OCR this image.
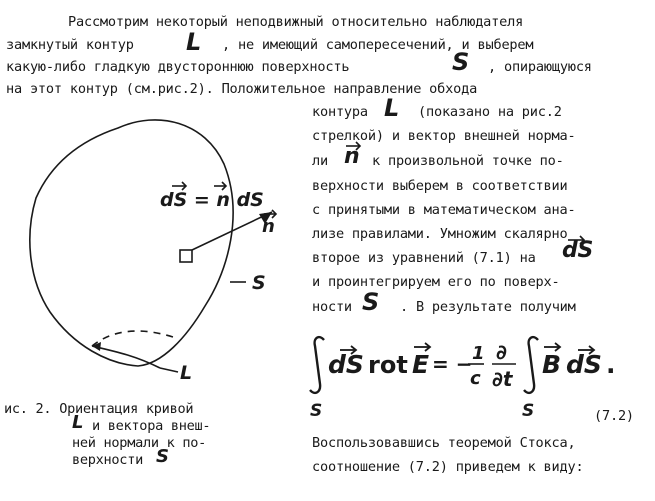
Рассмотрим некоторый неподвижный относительно наблюдателя
замкнутый контур L , не имеющий самопересечений, и выберем
какую-либо гладкую двустороннюю поверхность	S , опирающуюся
на этот контур (см.рис.2). Положительное направление обхода
контура L (показано на рис.2
стрелкой) и вектор внешней норма-
ли n к произвольной точке по-
верхности выберем в соответствии
с принятыми в математическом ана-
лизе правилами. Умножим скалярно
второе из уравнений (7.1) на dS
и проинтегрируем его по поверх-
ности S . В результате получим
dS rot E = − 1
c
∂
∂t B dS .
S	S	(7.2)
Воспользовавшись теоремой Стокса,
соотношение (7.2) приведем к виду:
dS = n dS
n
S
L
ис. 2. Ориентация кривой
L и вектора внеш-
ней нормали к по-
верхности S
